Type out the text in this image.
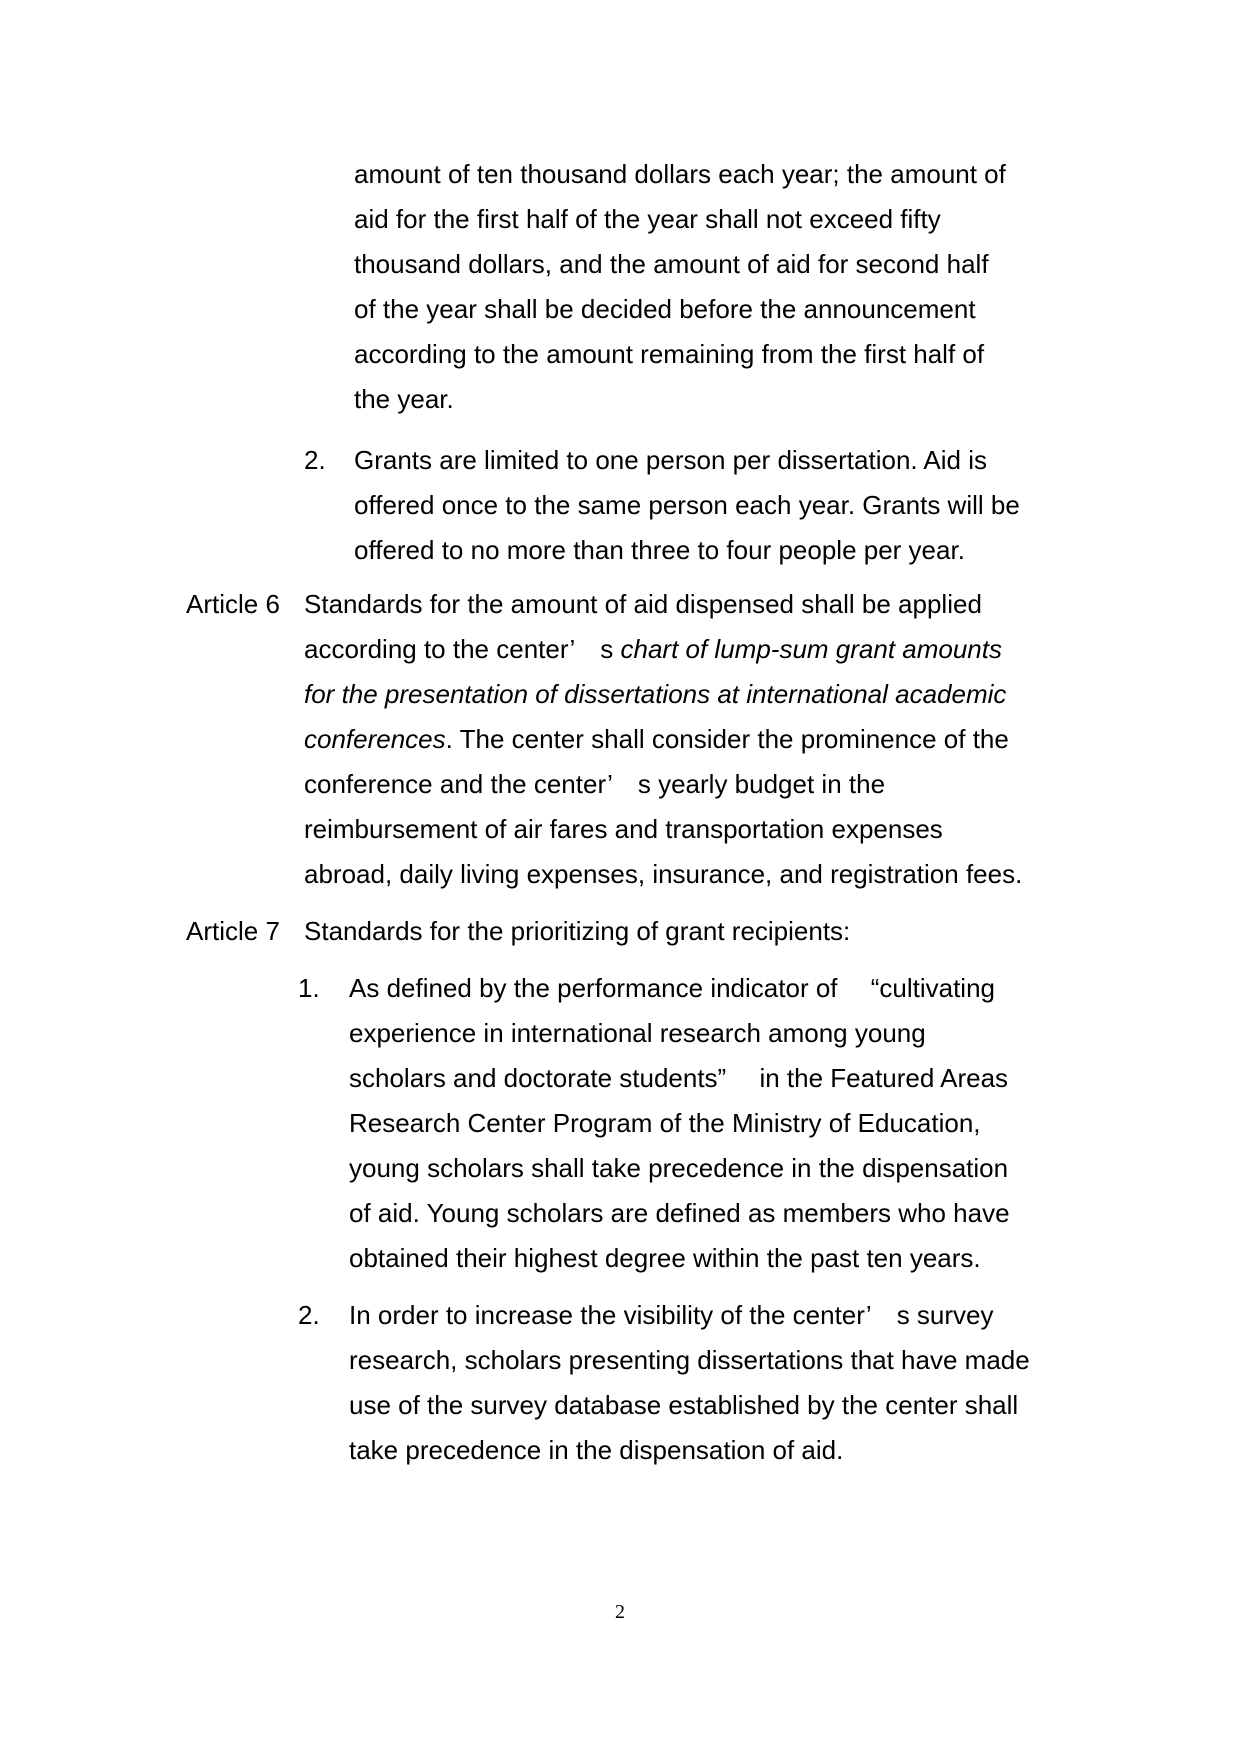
amount of ten thousand dollars each year; the amount of
aid for the first half of the year shall not exceed fifty
thousand dollars, and the amount of aid for second half
of the year shall be decided before the announcement
according to the amount remaining from the first half of
the year.
2. Grants are limited to one person per dissertation. Aid is
offered once to the same person each year. Grants will be
offered to no more than three to four people per year.
Article 6 Standards for the amount of aid dispensed shall be applied
according to the center’　s chart of lump-sum grant amounts
for the presentation of dissertations at international academic
conferences. The center shall consider the prominence of the
conference and the center’　s yearly budget in the
reimbursement of air fares and transportation expenses
abroad, daily living expenses, insurance, and registration fees.
Article 7 Standards for the prioritizing of grant recipients:
1. As defined by the performance indicator of 　“cultivating
experience in international research among young
scholars and doctorate students”　 in the Featured Areas
Research Center Program of the Ministry of Education,
young scholars shall take precedence in the dispensation
of aid. Young scholars are defined as members who have
obtained their highest degree within the past ten years.
2. In order to increase the visibility of the center’　s survey
research, scholars presenting dissertations that have made
use of the survey database established by the center shall
take precedence in the dispensation of aid.
2
